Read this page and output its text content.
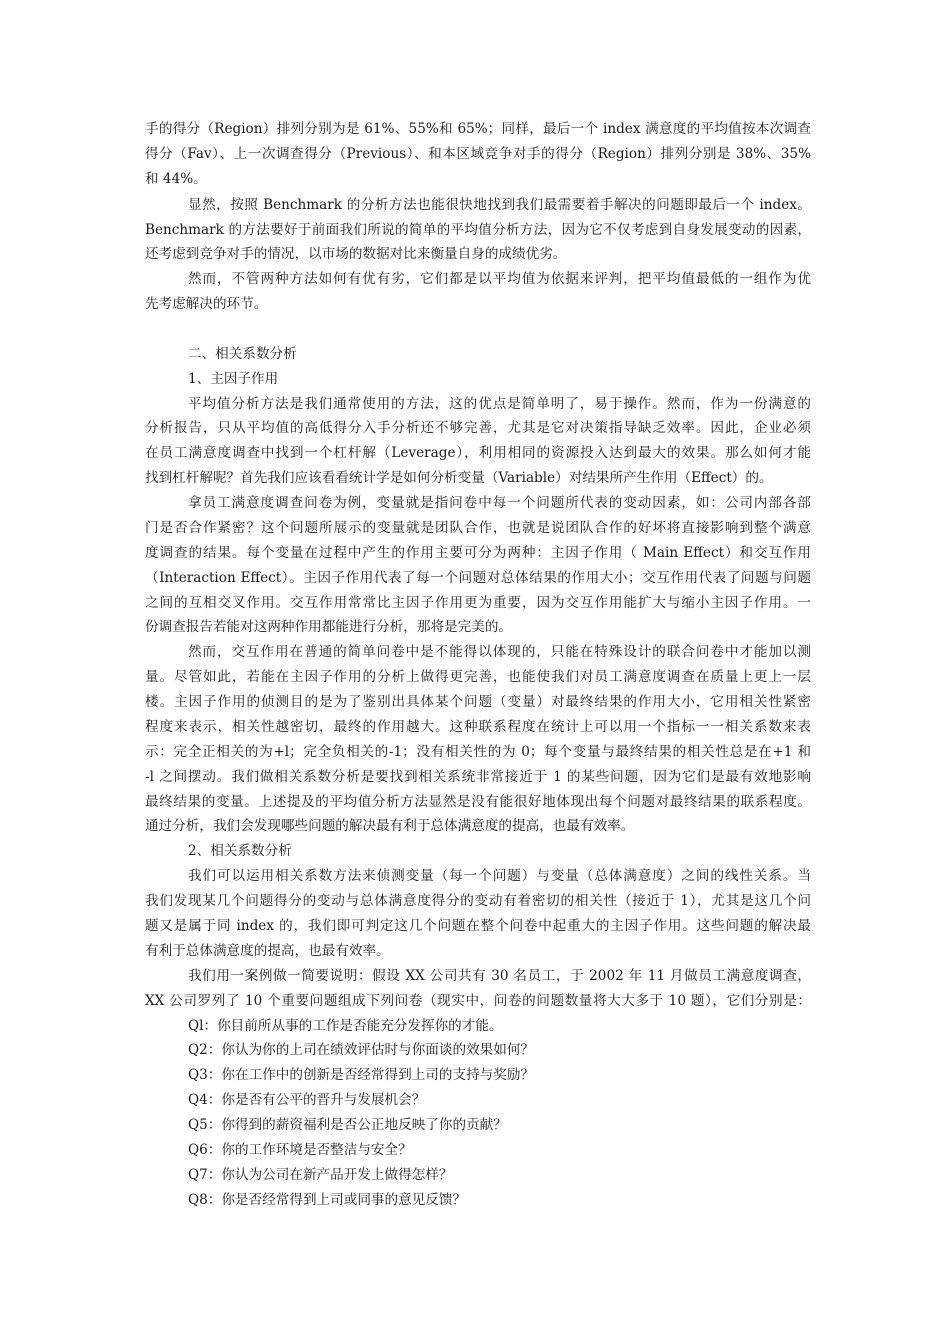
手的得分（Region）排列分别为是 61%、55%和 65%；同样，最后一个 index 满意度的平均值按本次调查
得分（Fav）、上一次调查得分（Previous）、和本区域竞争对手的得分（Region）排列分别是 38%、35%
和 44%。
显然，按照 Benchmark 的分析方法也能很快地找到我们最需要着手解决的问题即最后一个 index。
Benchmark 的方法要好于前面我们所说的简单的平均值分析方法，因为它不仅考虑到自身发展变动的因素，
还考虑到竞争对手的情况，以市场的数据对比来衡量自身的成绩优劣。
然而，不管两种方法如何有优有劣，它们都是以平均值为依据来评判，把平均值最低的一组作为优
先考虑解决的环节。
二、相关系数分析
1、主因子作用
平均值分析方法是我们通常使用的方法，这的优点是简单明了，易于操作。然而，作为一份满意的
分析报告，只从平均值的高低得分入手分析还不够完善，尤其是它对决策指导缺乏效率。因此，企业必须
在员工满意度调查中找到一个杠杆解（Leverage），利用相同的资源投入达到最大的效果。那么如何才能
找到杠杆解呢？首先我们应该看看统计学是如何分析变量（Variable）对结果所产生作用（Effect）的。
拿员工满意度调查问卷为例，变量就是指问卷中每一个问题所代表的变动因素，如：公司内部各部
门是否合作紧密？这个问题所展示的变量就是团队合作，也就是说团队合作的好坏将直接影响到整个满意
度调查的结果。每个变量在过程中产生的作用主要可分为两种：主因子作用（ Main Effect）和交互作用
（Interaction Effect）。主因子作用代表了每一个问题对总体结果的作用大小；交互作用代表了问题与问题
之间的互相交叉作用。交互作用常常比主因子作用更为重要，因为交互作用能扩大与缩小主因子作用。一
份调查报告若能对这两种作用都能进行分析，那将是完美的。
然而，交互作用在普通的简单问卷中是不能得以体现的，只能在特殊设计的联合问卷中才能加以测
量。尽管如此，若能在主因子作用的分析上做得更完善，也能使我们对员工满意度调查在质量上更上一层
楼。主因子作用的侦测目的是为了鉴别出具体某个问题（变量）对最终结果的作用大小，它用相关性紧密
程度来表示，相关性越密切，最终的作用越大。这种联系程度在统计上可以用一个指标一一相关系数来表
示：完全正相关的为+l；完全负相关的-1；没有相关性的为 0；每个变量与最终结果的相关性总是在+1 和
-l 之间摆动。我们做相关系数分析是要找到相关系统非常接近于 1 的某些问题，因为它们是最有效地影响
最终结果的变量。上述提及的平均值分析方法显然是没有能很好地体现出每个问题对最终结果的联系程度。
通过分析，我们会发现哪些问题的解决最有利于总体满意度的提高，也最有效率。
2、相关系数分析
我们可以运用相关系数方法来侦测变量（每一个问题）与变量（总体满意度）之间的线性关系。当
我们发现某几个问题得分的变动与总体满意度得分的变动有着密切的相关性（接近于 1），尤其是这几个问
题又是属于同 index 的，我们即可判定这几个问题在整个问卷中起重大的主因子作用。这些问题的解决最
有利于总体满意度的提高，也最有效率。
我们用一案例做一简要说明：假设 XX 公司共有 30 名员工，于 2002 年 11 月做员工满意度调查，
XX 公司罗列了 10 个重要问题组成下列问卷（现实中，问卷的问题数量将大大多于 10 题），它们分别是：
Ql：你目前所从事的工作是否能充分发挥你的才能。
Q2：你认为你的上司在绩效评估时与你面谈的效果如何？
Q3：你在工作中的创新是否经常得到上司的支持与奖励？
Q4：你是否有公平的晋升与发展机会？
Q5：你得到的薪资福利是否公正地反映了你的贡献？
Q6：你的工作环境是否整洁与安全？
Q7：你认为公司在新产品开发上做得怎样？
Q8：你是否经常得到上司或同事的意见反馈？
